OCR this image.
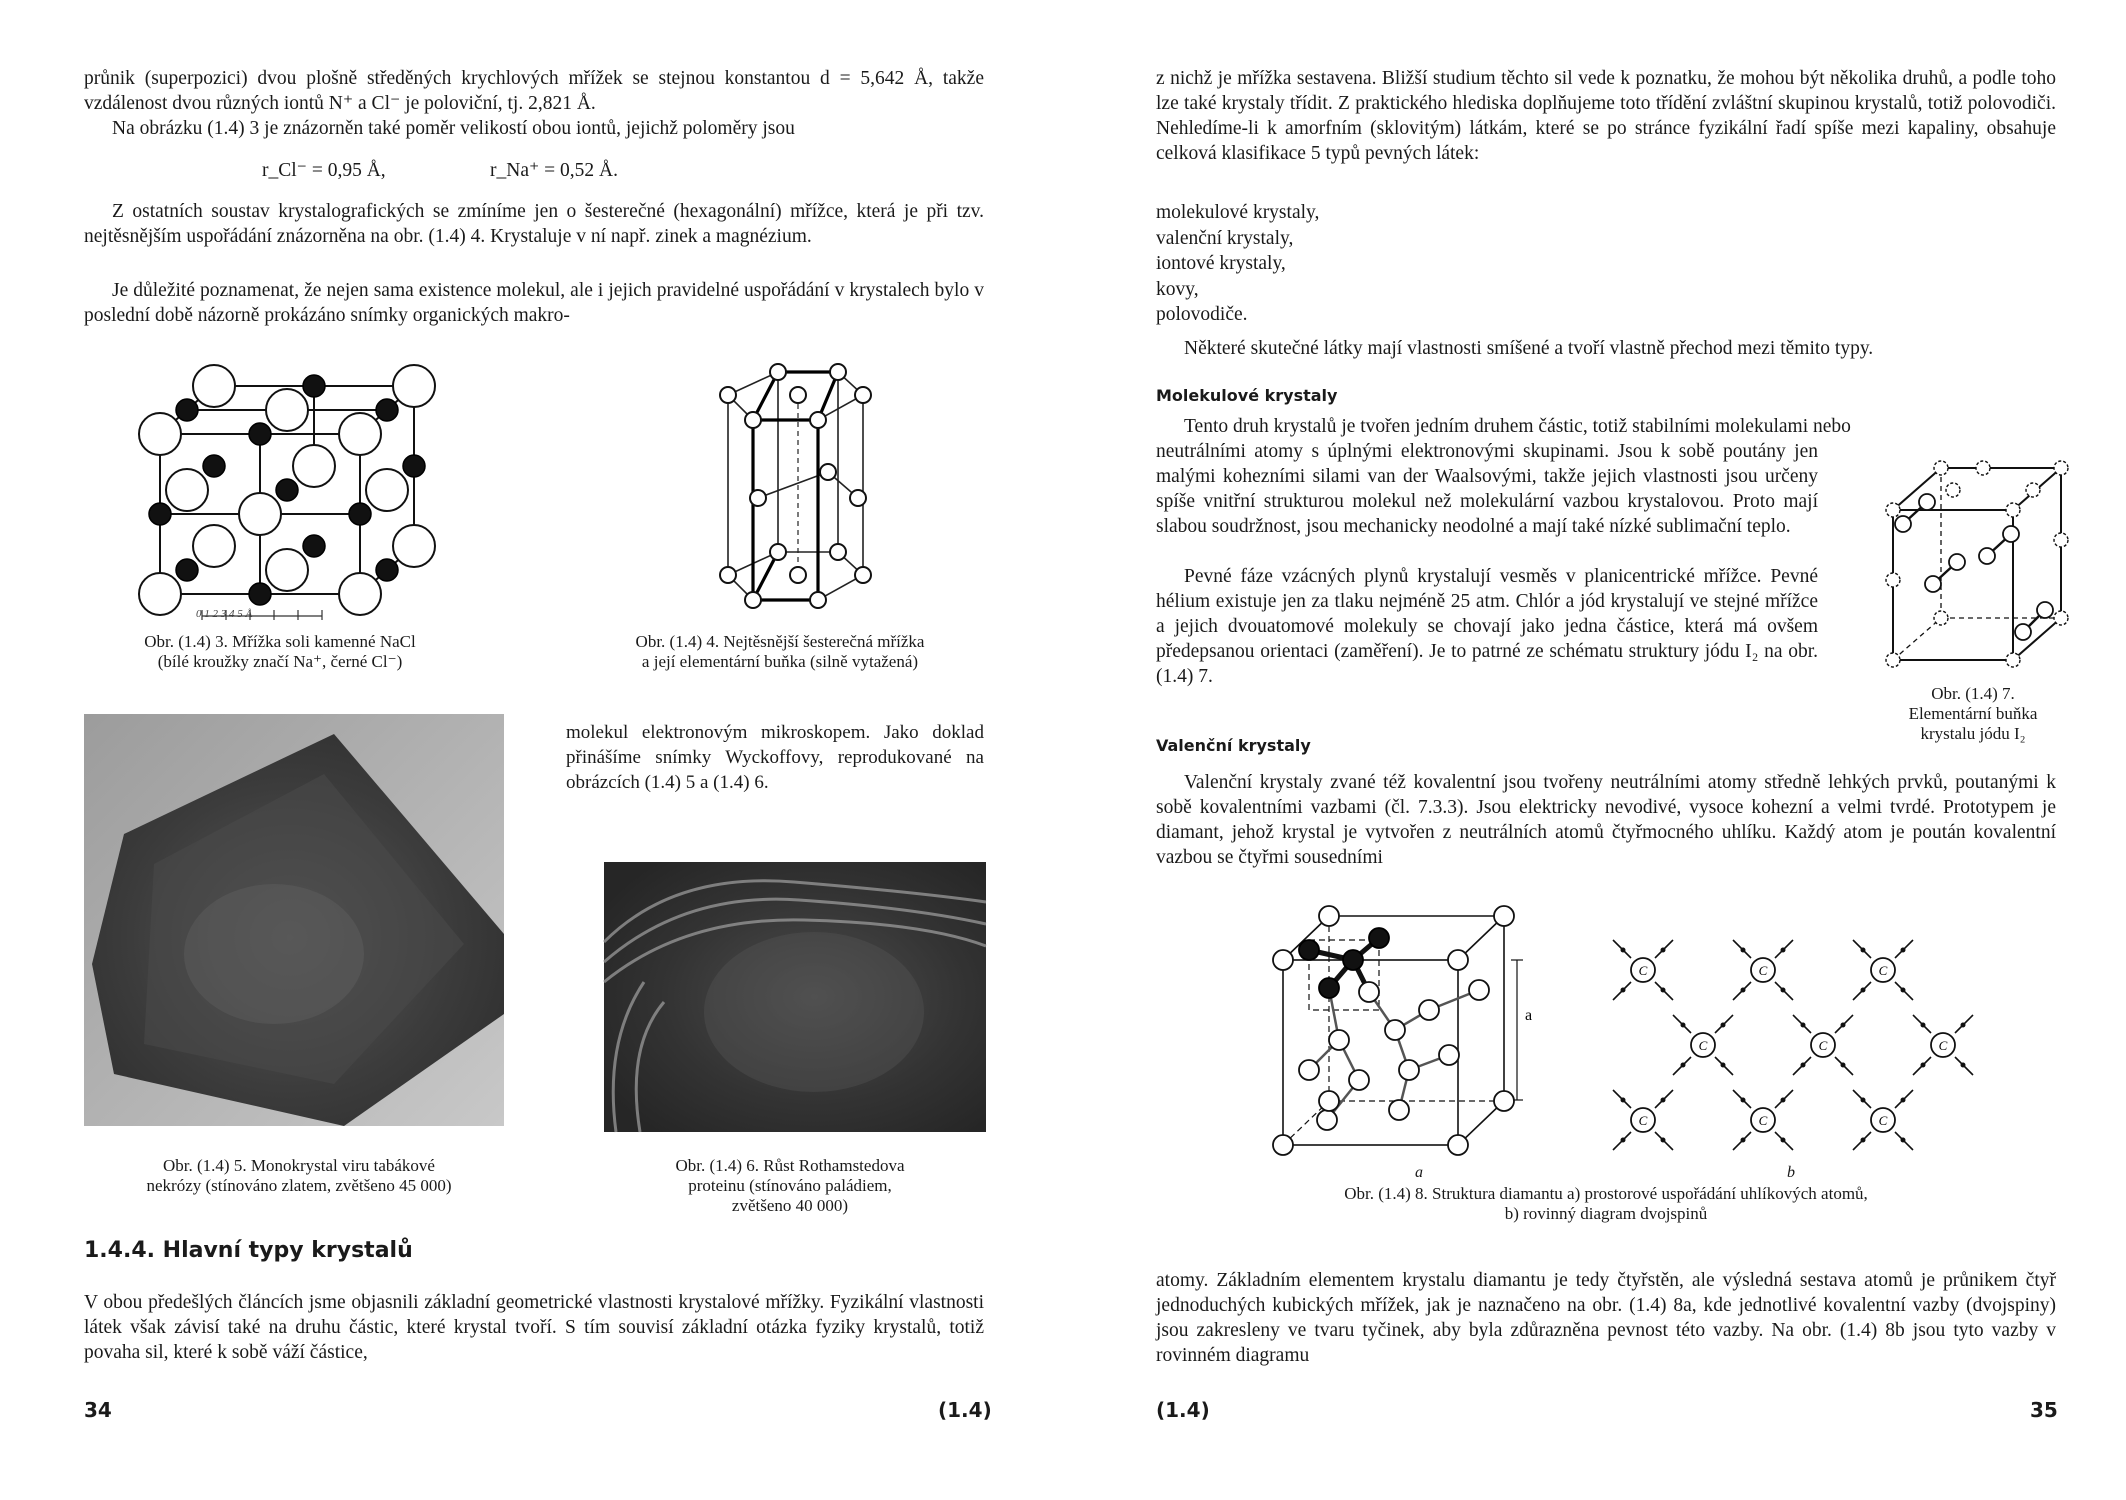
průnik (superpozici) dvou plošně středěných krychlových mřížek se stejnou konstantou d = 5,642 Å, takže vzdálenost dvou různých iontů N⁺ a Cl⁻ je poloviční, tj. 2,821 Å.

Na obrázku (1.4) 3 je znázorněn také poměr velikostí obou iontů, jejichž poloměry jsou

r_Cl⁻ = 0,95 Å,	r_Na⁺ = 0,52 Å.

Z ostatních soustav krystalografických se zmíníme jen o šesterečné (hexagonální) mřížce, která je při tzv. nejtěsnějším uspořádání znázorněna na obr. (1.4) 4. Krystaluje v ní např. zinek a magnézium.

Je důležité poznamenat, že nejen sama existence molekul, ale i jejich pravidelné uspořádání v krystalech bylo v poslední době názorně prokázáno snímky organických makro-

0 1 2 3 4 5 Å
Obr. (1.4) 3. Mřížka soli kamenné NaCl
(bílé kroužky značí Na⁺, černé Cl⁻)
Obr. (1.4) 4. Nejtěsnější šesterečná mřížka
a její elementární buňka (silně vytažená)

molekul elektronovým mikroskopem. Jako doklad přinášíme snímky Wyckoffovy, reprodukované na obrázcích (1.4) 5 a (1.4) 6.

Obr. (1.4) 5. Monokrystal viru tabákové
nekrózy (stínováno zlatem, zvětšeno 45 000)
Obr. (1.4) 6. Růst Rothamstedova
proteinu (stínováno paládiem,
zvětšeno 40 000)
1.4.4. Hlavní typy krystalů

V obou předešlých článcích jsme objasnili základní geometrické vlastnosti krystalové mřížky. Fyzikální vlastnosti látek však závisí také na druhu částic, které krystal tvoří. S tím souvisí základní otázka fyziky krystalů, totiž povaha sil, které k sobě váží částice,

34	(1.4)

z nichž je mřížka sestavena. Bližší studium těchto sil vede k poznatku, že mohou být několika druhů, a podle toho lze také krystaly třídit. Z praktického hlediska doplňujeme toto třídění zvláštní skupinou krystalů, totiž polovodiči. Nehledíme-li k amorfním (sklovitým) látkám, které se po stránce fyzikální řadí spíše mezi kapaliny, obsahuje celková klasifikace 5 typů pevných látek:

molekulové krystaly,
valenční krystaly,
iontové krystaly,
kovy,
polovodiče.

Některé skutečné látky mají vlastnosti smíšené a tvoří vlastně přechod mezi těmito typy.

Molekulové krystaly

Tento druh krystalů je tvořen jedním druhem částic, totiž stabilními molekulami nebo

neutrálními atomy s úplnými elektronovými skupinami. Jsou k sobě poutány jen malými kohezními silami van der Waalsovými, takže jejich vlastnosti jsou určeny spíše vnitřní strukturou molekul než molekulární vazbou krystalovou. Proto mají slabou soudržnost, jsou mechanicky neodolné a mají také nízké sublimační teplo.

Pevné fáze vzácných plynů krystalují vesměs v planicentrické mřížce. Pevné hélium existuje jen za tlaku nejméně 25 atm. Chlór a jód krystalují ve stejné mřížce a jejich dvouatomové molekuly se chovají jako jedna částice, která má ovšem předepsanou orientaci (zaměření). Je to patrné ze schématu struktury jódu I₂ na obr. (1.4) 7.

Obr. (1.4) 7.
Elementární buňka
krystalu jódu I₂
Valenční krystaly

Valenční krystaly zvané též kovalentní jsou tvořeny neutrálními atomy středně lehkých prvků, poutanými k sobě kovalentními vazbami (čl. 7.3.3). Jsou elektricky nevodivé, vysoce kohezní a velmi tvrdé. Prototypem je diamant, jehož krystal je vytvořen z neutrálních atomů čtyřmocného uhlíku. Každý atom je poután kovalentní vazbou se čtyřmi sousedními

a
C	C	C
C	C	C
C	C	C
a	b
Obr. (1.4) 8. Struktura diamantu a) prostorové uspořádání uhlíkových atomů,
b) rovinný diagram dvojspinů

atomy. Základním elementem krystalu diamantu je tedy čtyřstěn, ale výsledná sestava atomů je průnikem čtyř jednoduchých kubických mřížek, jak je naznačeno na obr. (1.4) 8a, kde jednotlivé kovalentní vazby (dvojspiny) jsou zakresleny ve tvaru tyčinek, aby byla zdůrazněna pevnost této vazby. Na obr. (1.4) 8b jsou tyto vazby v rovinném diagramu

(1.4)	35
